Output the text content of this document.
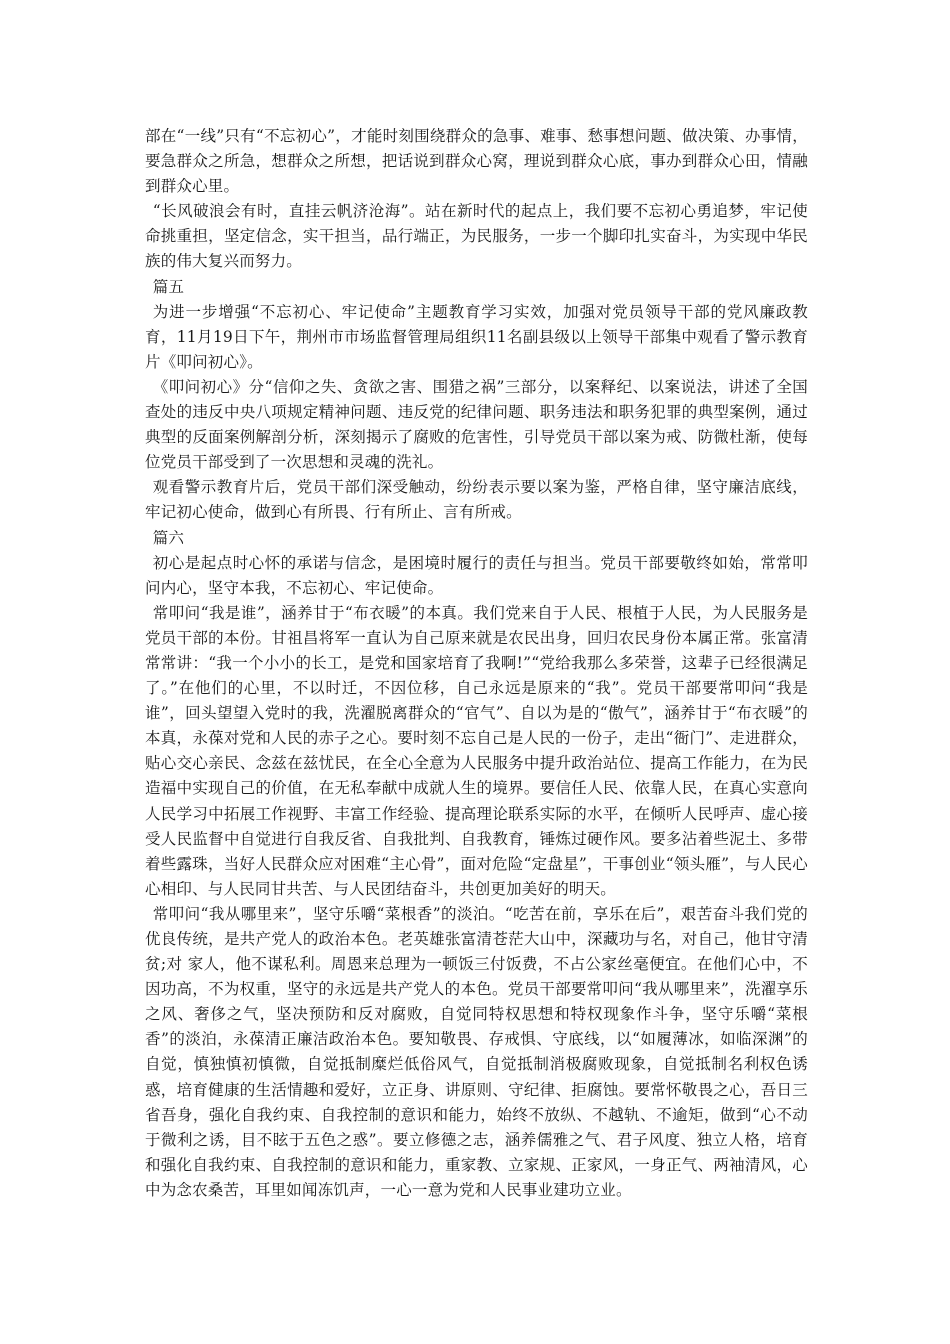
部在“一线”只有“不忘初心”，才能时刻围绕群众的急事、难事、愁事想问题、做决策、办事情，要急群众之所急，想群众之所想，把话说到群众心窝，理说到群众心底，事办到群众心田，情融到群众心里。

“长风破浪会有时，直挂云帆济沧海”。站在新时代的起点上，我们要不忘初心勇追梦，牢记使命挑重担，坚定信念，实干担当，品行端正，为民服务，一步一个脚印扎实奋斗，为实现中华民族的伟大复兴而努力。

篇五

为进一步增强“不忘初心、牢记使命”主题教育学习实效，加强对党员领导干部的党风廉政教育，11月19日下午，荆州市市场监督管理局组织11名副县级以上领导干部集中观看了警示教育片《叩问初心》。

《叩问初心》分“信仰之失、贪欲之害、围猎之祸”三部分，以案释纪、以案说法，讲述了全国查处的违反中央八项规定精神问题、违反党的纪律问题、职务违法和职务犯罪的典型案例，通过典型的反面案例解剖分析，深刻揭示了腐败的危害性，引导党员干部以案为戒、防微杜渐，使每位党员干部受到了一次思想和灵魂的洗礼。

观看警示教育片后，党员干部们深受触动，纷纷表示要以案为鉴，严格自律，坚守廉洁底线，牢记初心使命，做到心有所畏、行有所止、言有所戒。

篇六

初心是起点时心怀的承诺与信念，是困境时履行的责任与担当。党员干部要敬终如始，常常叩问内心，坚守本我，不忘初心、牢记使命。

常叩问“我是谁”，涵养甘于“布衣暖”的本真。我们党来自于人民、根植于人民，为人民服务是党员干部的本份。甘祖昌将军一直认为自己原来就是农民出身，回归农民身份本属正常。张富清常常讲：“我一个小小的长工，是党和国家培育了我啊!”“党给我那么多荣誉，这辈子已经很满足了。”在他们的心里，不以时迁，不因位移，自己永远是原来的“我”。党员干部要常叩问“我是谁”，回头望望入党时的我，洗濯脱离群众的“官气”、自以为是的“傲气”，涵养甘于“布衣暖”的本真，永葆对党和人民的赤子之心。要时刻不忘自己是人民的一份子，走出“衙门”、走进群众，贴心交心亲民、念兹在兹忧民，在全心全意为人民服务中提升政治站位、提高工作能力，在为民造福中实现自己的价值，在无私奉献中成就人生的境界。要信任人民、依靠人民，在真心实意向人民学习中拓展工作视野、丰富工作经验、提高理论联系实际的水平，在倾听人民呼声、虚心接受人民监督中自觉进行自我反省、自我批判、自我教育，锤炼过硬作风。要多沾着些泥土、多带着些露珠，当好人民群众应对困难“主心骨”，面对危险“定盘星”，干事创业“领头雁”，与人民心心相印、与人民同甘共苦、与人民团结奋斗，共创更加美好的明天。

常叩问“我从哪里来”，坚守乐嚼“菜根香”的淡泊。“吃苦在前，享乐在后”，艰苦奋斗我们党的优良传统，是共产党人的政治本色。老英雄张富清苍茫大山中，深藏功与名，对自己，他甘守清贫;对 家人，他不谋私利。周恩来总理为一顿饭三付饭费，不占公家丝毫便宜。在他们心中，不因功高，不为权重，坚守的永远是共产党人的本色。党员干部要常叩问“我从哪里来”，洗濯享乐之风、奢侈之气，坚决预防和反对腐败，自觉同特权思想和特权现象作斗争，坚守乐嚼“菜根香”的淡泊，永葆清正廉洁政治本色。要知敬畏、存戒惧、守底线，以“如履薄冰，如临深渊”的自觉，慎独慎初慎微，自觉抵制糜烂低俗风气，自觉抵制消极腐败现象，自觉抵制名利权色诱惑，培育健康的生活情趣和爱好，立正身、讲原则、守纪律、拒腐蚀。要常怀敬畏之心，吾日三省吾身，强化自我约束、自我控制的意识和能力，始终不放纵、不越轨、不逾矩，做到“心不动于微利之诱，目不眩于五色之惑”。要立修德之志，涵养儒雅之气、君子风度、独立人格，培育和强化自我约束、自我控制的意识和能力，重家教、立家规、正家风，一身正气、两袖清风，心中为念农桑苦，耳里如闻冻饥声，一心一意为党和人民事业建功立业。
